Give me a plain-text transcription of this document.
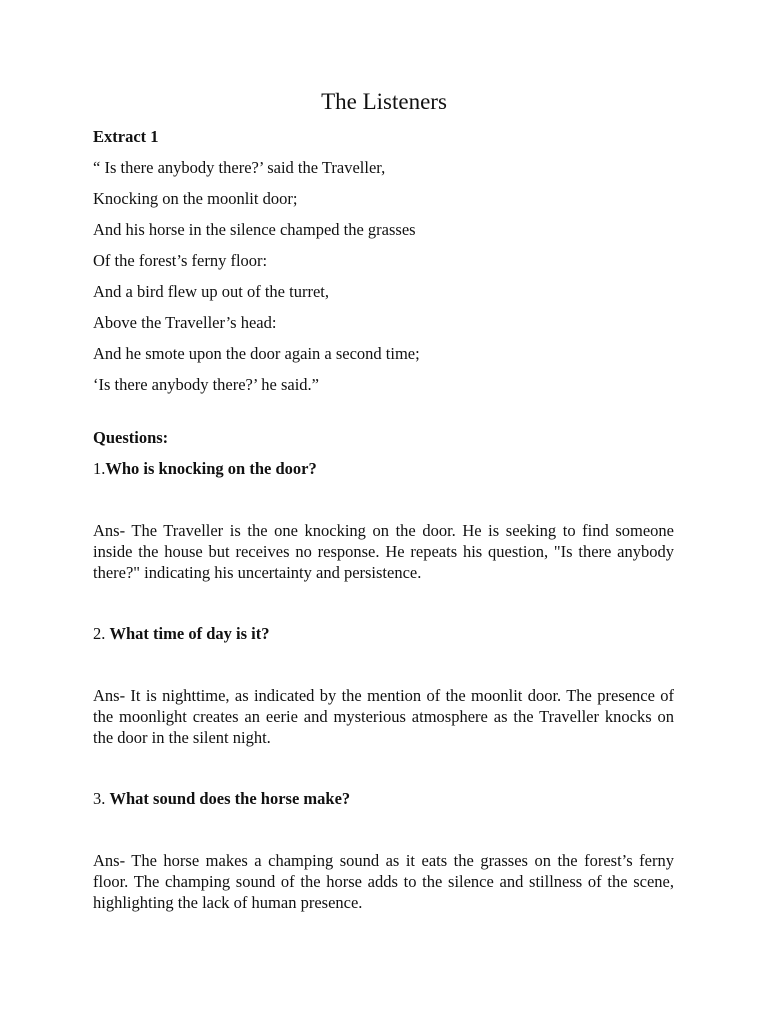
The Listeners
Extract 1
“ Is there anybody there?’ said the Traveller,
Knocking on the moonlit door;
And his horse in the silence champed the grasses
Of the forest’s ferny floor:
And a bird flew up out of the turret,
Above the Traveller’s head:
And he smote upon the door again a second time;
‘Is there anybody there?’ he said.”
Questions:
1.Who is knocking on the door?
Ans- The Traveller is the one knocking on the door. He is seeking to find someone inside the house but receives no response. He repeats his question, "Is there anybody there?" indicating his uncertainty and persistence.
2. What time of day is it?
Ans- It is nighttime, as indicated by the mention of the moonlit door. The presence of the moonlight creates an eerie and mysterious atmosphere as the Traveller knocks on the door in the silent night.
3. What sound does the horse make?
Ans- The horse makes a champing sound as it eats the grasses on the forest’s ferny floor. The champing sound of the horse adds to the silence and stillness of the scene, highlighting the lack of human presence.
